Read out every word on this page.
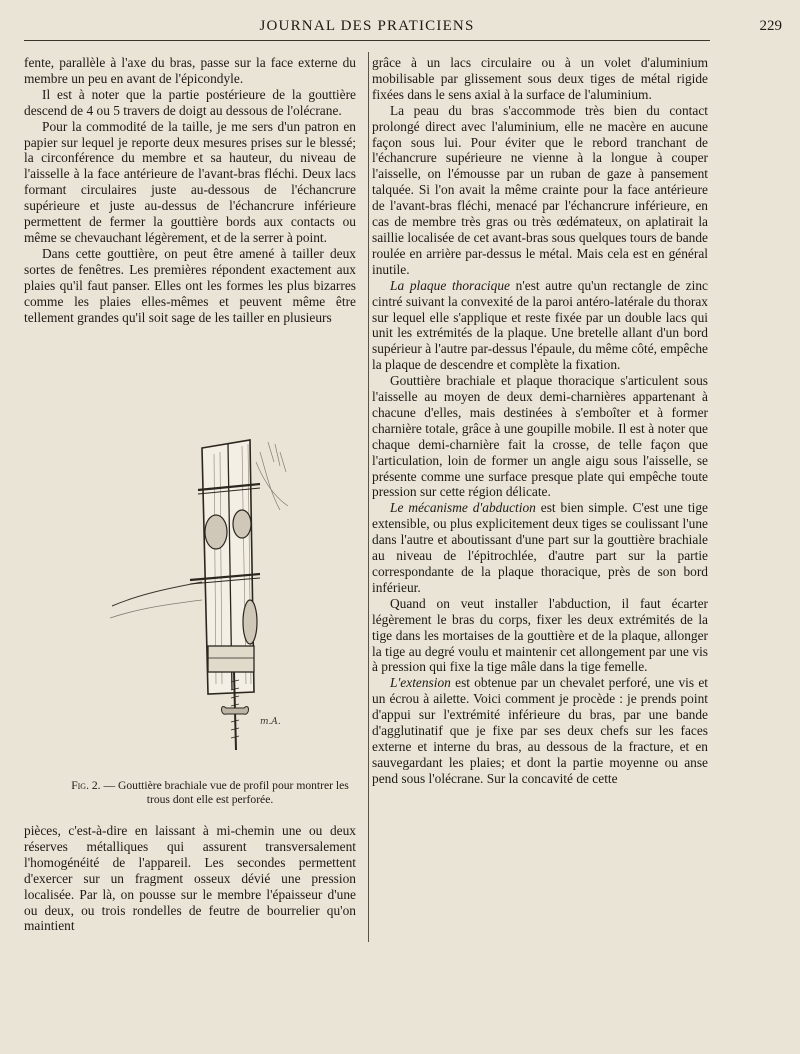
JOURNAL DES PRATICIENS	229

fente, parallèle à l'axe du bras, passe sur la face externe du membre un peu en avant de l'épicondyle.

Il est à noter que la partie postérieure de la gouttière descend de 4 ou 5 travers de doigt au dessous de l'olécrane.

Pour la commodité de la taille, je me sers d'un patron en papier sur lequel je reporte deux mesures prises sur le blessé; la circonférence du membre et sa hauteur, du niveau de l'aisselle à la face antérieure de l'avant-bras fléchi. Deux lacs formant circulaires juste au-dessous de l'échancrure supérieure et juste au-dessus de l'échancrure inférieure permettent de fermer la gouttière bords aux contacts ou même se chevauchant légèrement, et de la serrer à point.

Dans cette gouttière, on peut être amené à tailler deux sortes de fenêtres. Les premières répondent exactement aux plaies qu'il faut panser. Elles ont les formes les plus bizarres comme les plaies elles-mêmes et peuvent même être tellement grandes qu'il soit sage de les tailler en plusieurs

m.A.
Fig. 2. — Gouttière brachiale vue de profil pour montrer les trous dont elle est perforée.

pièces, c'est-à-dire en laissant à mi-chemin une ou deux réserves métalliques qui assurent transversalement l'homogénéité de l'appareil. Les secondes permettent d'exercer sur un fragment osseux dévié une pression localisée. Par là, on pousse sur le membre l'épaisseur d'une ou deux, ou trois rondelles de feutre de bourrelier qu'on maintient

grâce à un lacs circulaire ou à un volet d'aluminium mobilisable par glissement sous deux tiges de métal rigide fixées dans le sens axial à la surface de l'aluminium.

La peau du bras s'accommode très bien du contact prolongé direct avec l'aluminium, elle ne macère en aucune façon sous lui. Pour éviter que le rebord tranchant de l'échancrure supérieure ne vienne à la longue à couper l'aisselle, on l'émousse par un ruban de gaze à pansement talquée. Si l'on avait la même crainte pour la face antérieure de l'avant-bras fléchi, menacé par l'échancrure inférieure, en cas de membre très gras ou très œdémateux, on aplatirait la saillie localisée de cet avant-bras sous quelques tours de bande roulée en arrière par-dessus le métal. Mais cela est en général inutile.

La plaque thoracique n'est autre qu'un rectangle de zinc cintré suivant la convexité de la paroi antéro-latérale du thorax sur lequel elle s'applique et reste fixée par un double lacs qui unit les extrémités de la plaque. Une bretelle allant d'un bord supérieur à l'autre par-dessus l'épaule, du même côté, empêche la plaque de descendre et complète la fixation.

Gouttière brachiale et plaque thoracique s'articulent sous l'aisselle au moyen de deux demi-charnières appartenant à chacune d'elles, mais destinées à s'emboîter et à former charnière totale, grâce à une goupille mobile. Il est à noter que chaque demi-charnière fait la crosse, de telle façon que l'articulation, loin de former un angle aigu sous l'aisselle, se présente comme une surface presque plate qui empêche toute pression sur cette région délicate.

Le mécanisme d'abduction est bien simple. C'est une tige extensible, ou plus explicitement deux tiges se coulissant l'une dans l'autre et aboutissant d'une part sur la gouttière brachiale au niveau de l'épitrochlée, d'autre part sur la partie correspondante de la plaque thoracique, près de son bord inférieur.

Quand on veut installer l'abduction, il faut écarter légèrement le bras du corps, fixer les deux extrémités de la tige dans les mortaises de la gouttière et de la plaque, allonger la tige au degré voulu et maintenir cet allongement par une vis à pression qui fixe la tige mâle dans la tige femelle.

L'extension est obtenue par un chevalet perforé, une vis et un écrou à ailette. Voici comment je procède : je prends point d'appui sur l'extrémité inférieure du bras, par une bande d'agglutinatif que je fixe par ses deux chefs sur les faces externe et interne du bras, au dessous de la fracture, et en sauvegardant les plaies; et dont la partie moyenne ou anse pend sous l'olécrane. Sur la concavité de cette
